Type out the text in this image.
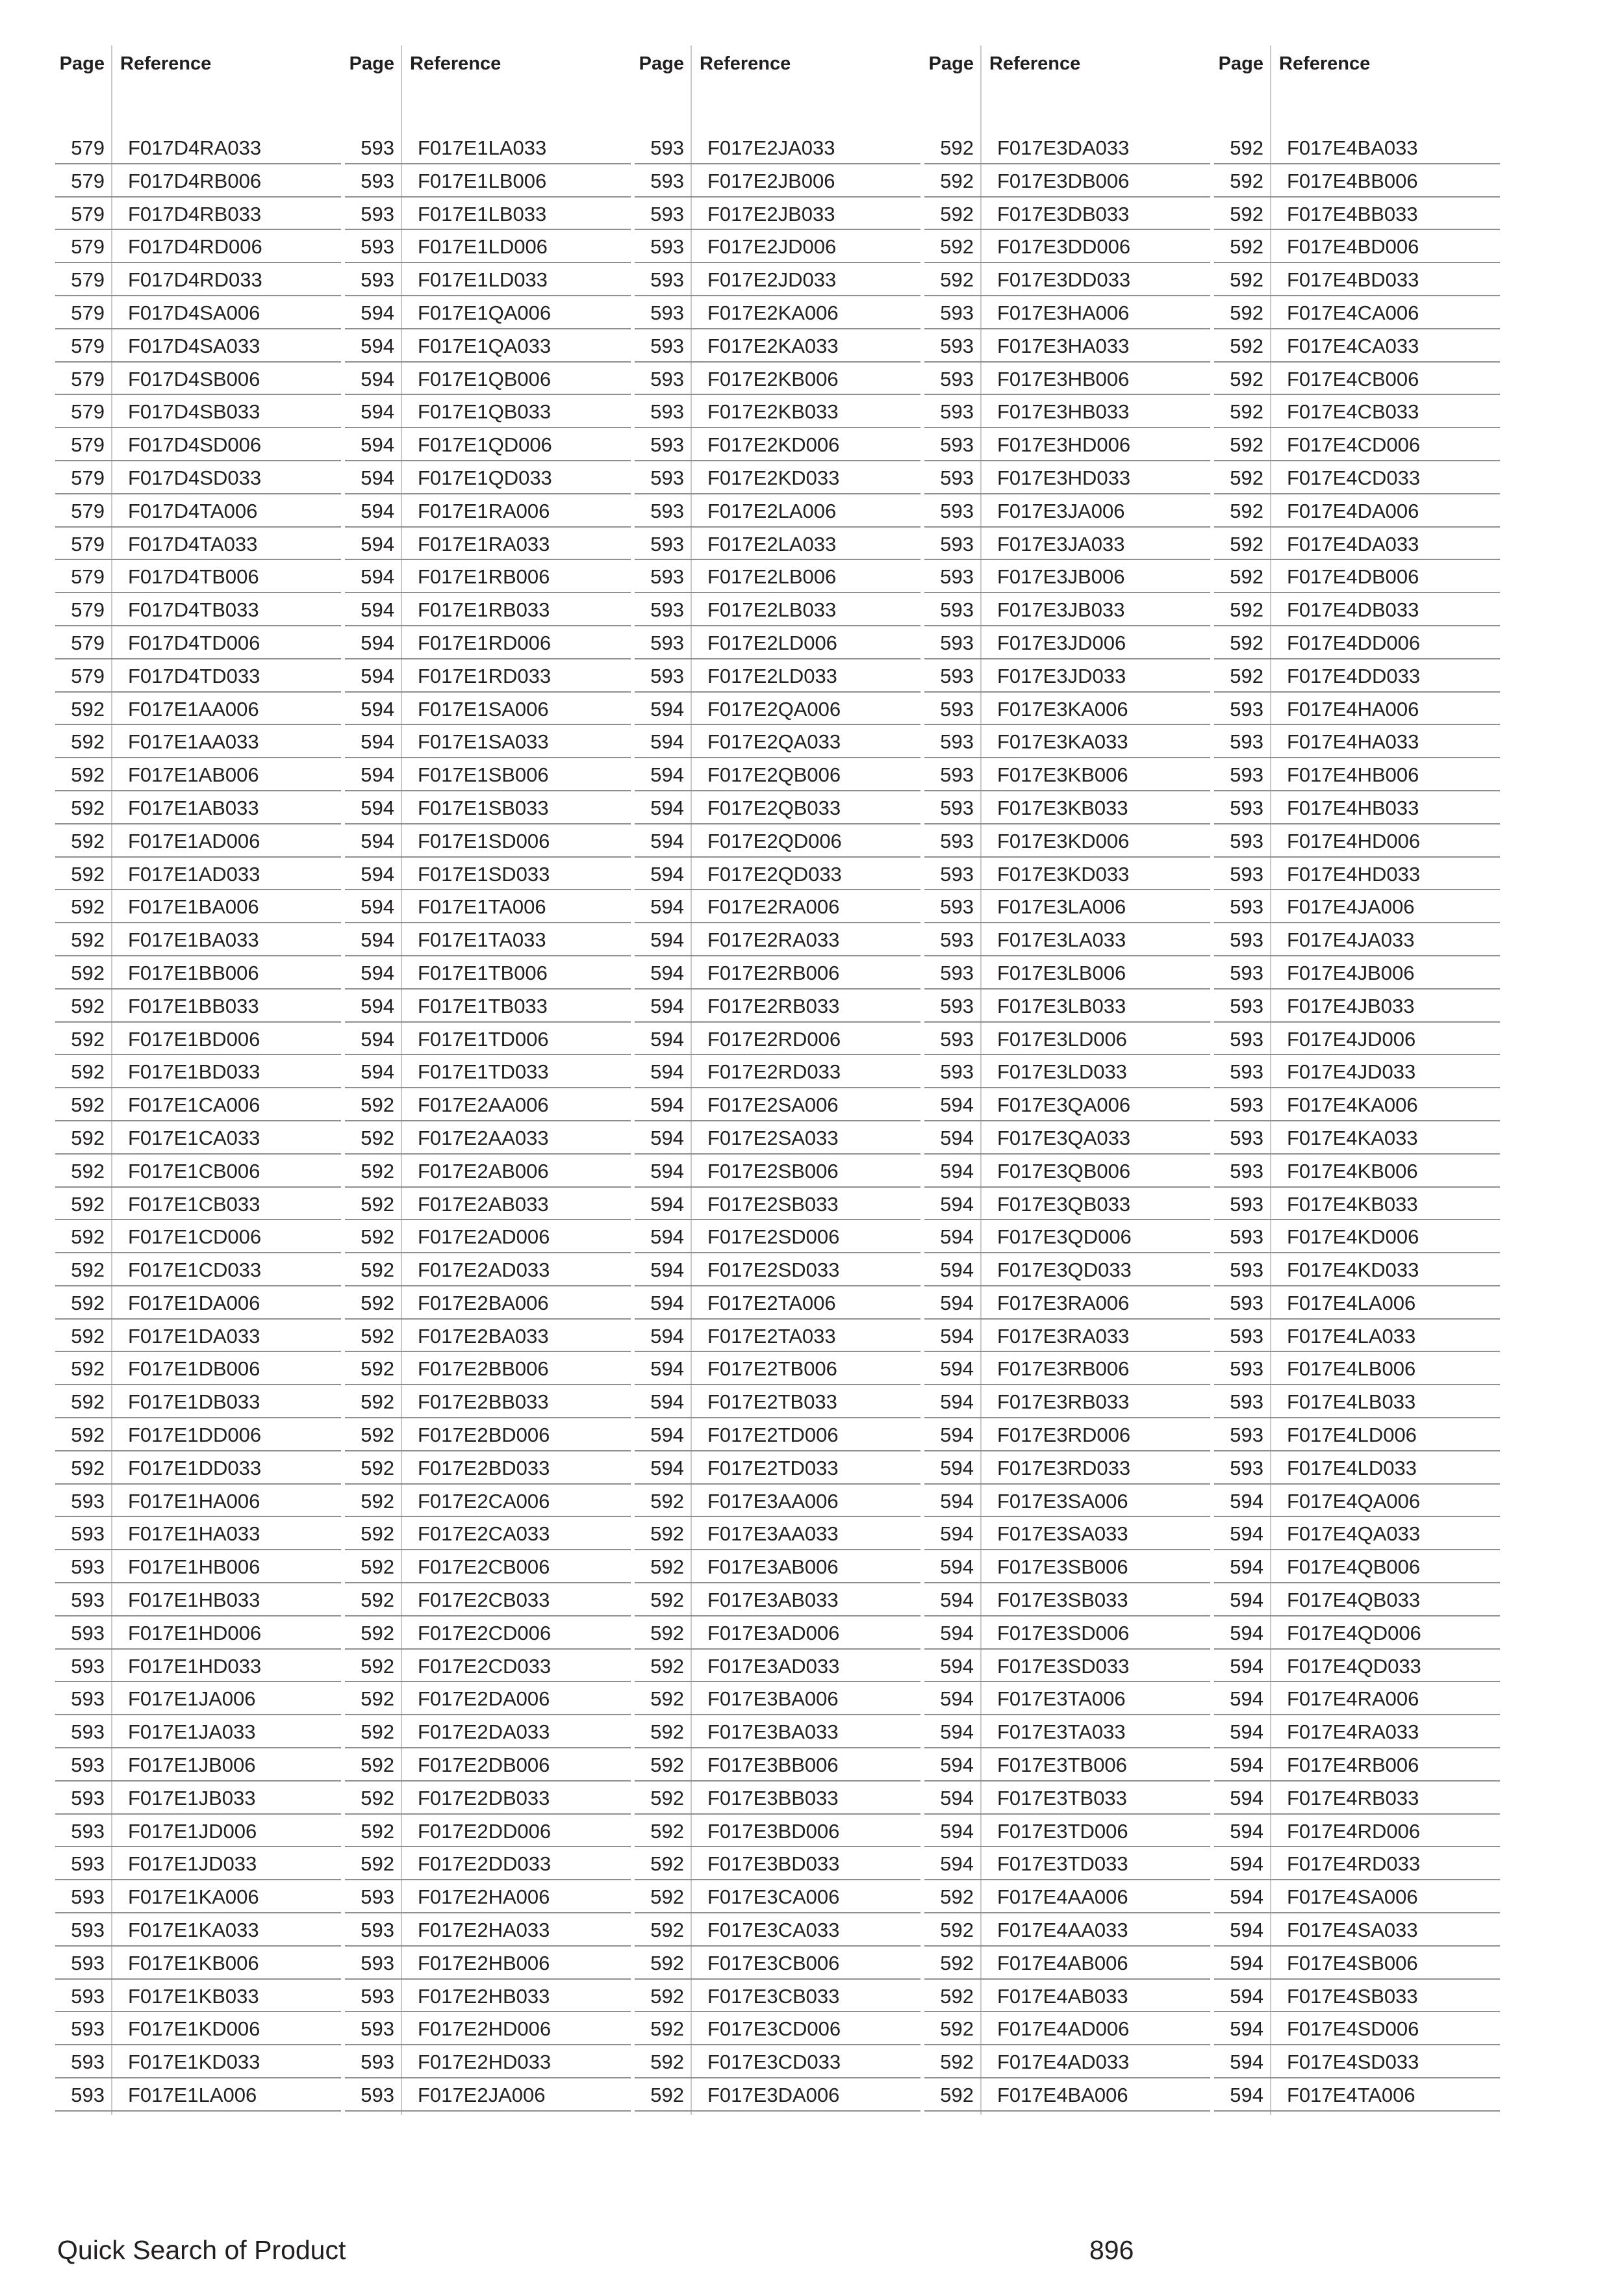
Page Reference
579 F017D4RA033
579 F017D4RB006
579 F017D4RB033
579 F017D4RD006
579 F017D4RD033
579 F017D4SA006
579 F017D4SA033
579 F017D4SB006
579 F017D4SB033
579 F017D4SD006
579 F017D4SD033
579 F017D4TA006
579 F017D4TA033
579 F017D4TB006
579 F017D4TB033
579 F017D4TD006
579 F017D4TD033
592 F017E1AA006
592 F017E1AA033
592 F017E1AB006
592 F017E1AB033
592 F017E1AD006
592 F017E1AD033
592 F017E1BA006
592 F017E1BA033
592 F017E1BB006
592 F017E1BB033
592 F017E1BD006
592 F017E1BD033
592 F017E1CA006
592 F017E1CA033
592 F017E1CB006
592 F017E1CB033
592 F017E1CD006
592 F017E1CD033
592 F017E1DA006
592 F017E1DA033
592 F017E1DB006
592 F017E1DB033
592 F017E1DD006
592 F017E1DD033
593 F017E1HA006
593 F017E1HA033
593 F017E1HB006
593 F017E1HB033
593 F017E1HD006
593 F017E1HD033
593 F017E1JA006
593 F017E1JA033
593 F017E1JB006
593 F017E1JB033
593 F017E1JD006
593 F017E1JD033
593 F017E1KA006
593 F017E1KA033
593 F017E1KB006
593 F017E1KB033
593 F017E1KD006
593 F017E1KD033
593 F017E1LA006
Page Reference
593 F017E1LA033
593 F017E1LB006
593 F017E1LB033
593 F017E1LD006
593 F017E1LD033
594 F017E1QA006
594 F017E1QA033
594 F017E1QB006
594 F017E1QB033
594 F017E1QD006
594 F017E1QD033
594 F017E1RA006
594 F017E1RA033
594 F017E1RB006
594 F017E1RB033
594 F017E1RD006
594 F017E1RD033
594 F017E1SA006
594 F017E1SA033
594 F017E1SB006
594 F017E1SB033
594 F017E1SD006
594 F017E1SD033
594 F017E1TA006
594 F017E1TA033
594 F017E1TB006
594 F017E1TB033
594 F017E1TD006
594 F017E1TD033
592 F017E2AA006
592 F017E2AA033
592 F017E2AB006
592 F017E2AB033
592 F017E2AD006
592 F017E2AD033
592 F017E2BA006
592 F017E2BA033
592 F017E2BB006
592 F017E2BB033
592 F017E2BD006
592 F017E2BD033
592 F017E2CA006
592 F017E2CA033
592 F017E2CB006
592 F017E2CB033
592 F017E2CD006
592 F017E2CD033
592 F017E2DA006
592 F017E2DA033
592 F017E2DB006
592 F017E2DB033
592 F017E2DD006
592 F017E2DD033
593 F017E2HA006
593 F017E2HA033
593 F017E2HB006
593 F017E2HB033
593 F017E2HD006
593 F017E2HD033
593 F017E2JA006
Page Reference
593 F017E2JA033
593 F017E2JB006
593 F017E2JB033
593 F017E2JD006
593 F017E2JD033
593 F017E2KA006
593 F017E2KA033
593 F017E2KB006
593 F017E2KB033
593 F017E2KD006
593 F017E2KD033
593 F017E2LA006
593 F017E2LA033
593 F017E2LB006
593 F017E2LB033
593 F017E2LD006
593 F017E2LD033
594 F017E2QA006
594 F017E2QA033
594 F017E2QB006
594 F017E2QB033
594 F017E2QD006
594 F017E2QD033
594 F017E2RA006
594 F017E2RA033
594 F017E2RB006
594 F017E2RB033
594 F017E2RD006
594 F017E2RD033
594 F017E2SA006
594 F017E2SA033
594 F017E2SB006
594 F017E2SB033
594 F017E2SD006
594 F017E2SD033
594 F017E2TA006
594 F017E2TA033
594 F017E2TB006
594 F017E2TB033
594 F017E2TD006
594 F017E2TD033
592 F017E3AA006
592 F017E3AA033
592 F017E3AB006
592 F017E3AB033
592 F017E3AD006
592 F017E3AD033
592 F017E3BA006
592 F017E3BA033
592 F017E3BB006
592 F017E3BB033
592 F017E3BD006
592 F017E3BD033
592 F017E3CA006
592 F017E3CA033
592 F017E3CB006
592 F017E3CB033
592 F017E3CD006
592 F017E3CD033
592 F017E3DA006
Page Reference
592 F017E3DA033
592 F017E3DB006
592 F017E3DB033
592 F017E3DD006
592 F017E3DD033
593 F017E3HA006
593 F017E3HA033
593 F017E3HB006
593 F017E3HB033
593 F017E3HD006
593 F017E3HD033
593 F017E3JA006
593 F017E3JA033
593 F017E3JB006
593 F017E3JB033
593 F017E3JD006
593 F017E3JD033
593 F017E3KA006
593 F017E3KA033
593 F017E3KB006
593 F017E3KB033
593 F017E3KD006
593 F017E3KD033
593 F017E3LA006
593 F017E3LA033
593 F017E3LB006
593 F017E3LB033
593 F017E3LD006
593 F017E3LD033
594 F017E3QA006
594 F017E3QA033
594 F017E3QB006
594 F017E3QB033
594 F017E3QD006
594 F017E3QD033
594 F017E3RA006
594 F017E3RA033
594 F017E3RB006
594 F017E3RB033
594 F017E3RD006
594 F017E3RD033
594 F017E3SA006
594 F017E3SA033
594 F017E3SB006
594 F017E3SB033
594 F017E3SD006
594 F017E3SD033
594 F017E3TA006
594 F017E3TA033
594 F017E3TB006
594 F017E3TB033
594 F017E3TD006
594 F017E3TD033
592 F017E4AA006
592 F017E4AA033
592 F017E4AB006
592 F017E4AB033
592 F017E4AD006
592 F017E4AD033
592 F017E4BA006
Page Reference
592 F017E4BA033
592 F017E4BB006
592 F017E4BB033
592 F017E4BD006
592 F017E4BD033
592 F017E4CA006
592 F017E4CA033
592 F017E4CB006
592 F017E4CB033
592 F017E4CD006
592 F017E4CD033
592 F017E4DA006
592 F017E4DA033
592 F017E4DB006
592 F017E4DB033
592 F017E4DD006
592 F017E4DD033
593 F017E4HA006
593 F017E4HA033
593 F017E4HB006
593 F017E4HB033
593 F017E4HD006
593 F017E4HD033
593 F017E4JA006
593 F017E4JA033
593 F017E4JB006
593 F017E4JB033
593 F017E4JD006
593 F017E4JD033
593 F017E4KA006
593 F017E4KA033
593 F017E4KB006
593 F017E4KB033
593 F017E4KD006
593 F017E4KD033
593 F017E4LA006
593 F017E4LA033
593 F017E4LB006
593 F017E4LB033
593 F017E4LD006
593 F017E4LD033
594 F017E4QA006
594 F017E4QA033
594 F017E4QB006
594 F017E4QB033
594 F017E4QD006
594 F017E4QD033
594 F017E4RA006
594 F017E4RA033
594 F017E4RB006
594 F017E4RB033
594 F017E4RD006
594 F017E4RD033
594 F017E4SA006
594 F017E4SA033
594 F017E4SB006
594 F017E4SB033
594 F017E4SD006
594 F017E4SD033
594 F017E4TA006
Quick Search of Product	896
